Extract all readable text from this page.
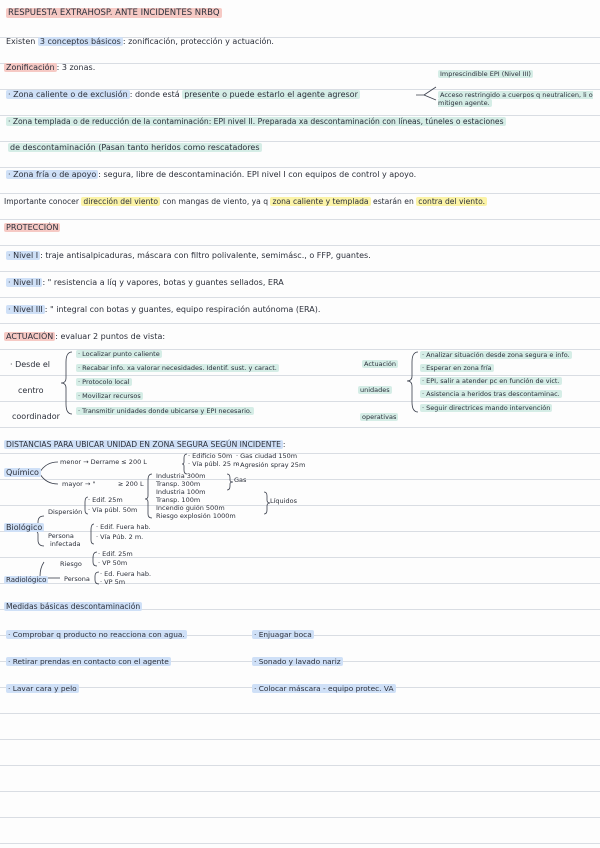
RESPUESTA EXTRAHOSP. ANTE INCIDENTES NRBQ
Existen 3 conceptos básicos : zonificación, protección y actuación.
Zonificación : 3 zonas.
Imprescindible EPI (Nivel III)
· Zona caliente o de exclusión : donde está presente o puede estarlo el agente agresor	Acceso restringido a cuerpos q neutralicen, li o mitigen agente.
· Zona templada o de reducción de la contaminación: EPI nivel II. Preparada xa descontaminación con líneas, túneles o estaciones
de descontaminación (Pasan tanto heridos como rescatadores
· Zona fría o de apoyo : segura, libre de descontaminación. EPI nivel I con equipos de control y apoyo.
Importante conocer dirección del viento con mangas de viento, ya q zona caliente y templada estarán en contra del viento.
PROTECCIÓN
· Nivel I : traje antisalpicaduras, máscara con filtro polivalente, semimásc., o FFP, guantes.
· Nivel II : " resistencia a líq y vapores, botas y guantes sellados, ERA
· Nivel III : " integral con botas y guantes, equipo respiración autónoma (ERA).
ACTUACIÓN : evaluar 2 puntos de vista:
· Desde el
centro
coordinador
· Localizar punto caliente
· Recabar info. xa valorar necesidades. Identif. sust. y caract.
· Protocolo local
· Movilizar recursos
· Transmitir unidades donde ubicarse y EPI necesario.
Actuación
unidades
operativas
· Analizar situación desde zona segura e info.
· Esperar en zona fría
· EPI, salir a atender pc en función de vict.
· Asistencia a heridos tras descontaminac.
· Seguir directrices mando intervención
DISTANCIAS PARA UBICAR UNIDAD EN ZONA SEGURA SEGÚN INCIDENTE :
Químico
menor → Derrame ≤ 200 L
· Edificio 50m
· Vía públ. 25 m
· Gas ciudad 150m
· Agresión spray 25m
mayor → "	≥ 200 L
Industria 300m
Transp. 300m	Gas
Industria 100m
Transp. 100m
Incendio guión 500m
Riesgo explosión 1000m
Líquidos
· Edif. 25m
· Vía públ. 50m
Dispersión
Biológico
Persona
infectada
· Edif. Fuera hab.
· Vía Púb. 2 m.
Riesgo
· Edif. 25m
· VP 50m
Radiológico	Persona
· Ed. Fuera hab.
· VP 5m
Medidas básicas descontaminación
· Comprobar q producto no reacciona con agua.	· Enjuagar boca
· Retirar prendas en contacto con el agente	· Sonado y lavado nariz
· Lavar cara y pelo	· Colocar máscara - equipo protec. VA
